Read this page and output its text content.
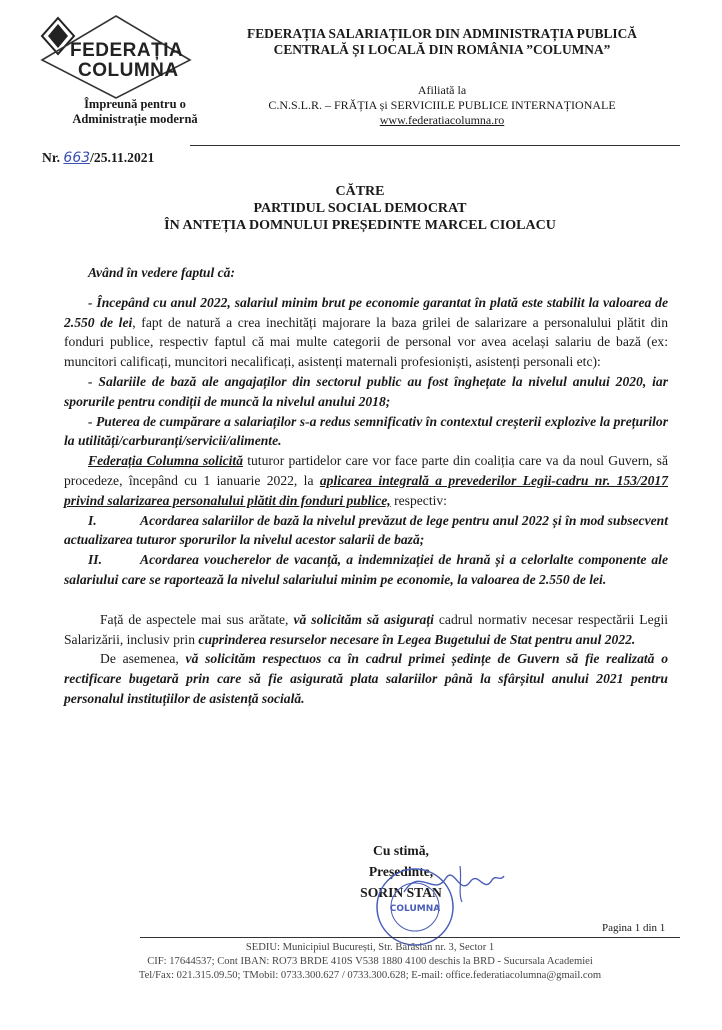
FEDERAȚIA
COLUMNA
Împreună pentru o Administrație modernă
FEDERAȚIA SALARIAȚILOR DIN ADMINISTRAȚIA PUBLICĂ
CENTRALĂ ȘI LOCALĂ DIN ROMÂNIA ”COLUMNA”
Afiliată la
C.N.S.L.R. – FRĂȚIA și SERVICIILE PUBLICE INTERNAȚIONALE
www.federatiacolumna.ro
Nr. 663/25.11.2021
CĂTRE
PARTIDUL SOCIAL DEMOCRAT
ÎN ANTEȚIA DOMNULUI PREȘEDINTE MARCEL CIOLACU

Având în vedere faptul că:

- Începând cu anul 2022, salariul minim brut pe economie garantat în plată este stabilit la valoarea de 2.550 de lei, fapt de natură a crea inechități majorare la baza grilei de salarizare a personalului plătit din fonduri publice, respectiv faptul că mai multe categorii de personal vor avea același salariu de bază (ex: muncitori calificați, muncitori necalificați, asistenți maternali profesioniști, asistenți personali etc):

- Salariile de bază ale angajaților din sectorul public au fost înghețate la nivelul anului 2020, iar sporurile pentru condiții de muncă la nivelul anului 2018;

- Puterea de cumpărare a salariaților s-a redus semnificativ în contextul creșterii explozive la prețurilor la utilități/carburanți/servicii/alimente.

Federația Columna solicită tuturor partidelor care vor face parte din coaliția care va da noul Guvern, să procedeze, începând cu 1 ianuarie 2022, la aplicarea integrală a prevederilor Legii-cadru nr. 153/2017 privind salarizarea personalului plătit din fonduri publice, respectiv:

I.	Acordarea salariilor de bază la nivelul prevăzut de lege pentru anul 2022 și în mod subsecvent actualizarea tuturor sporurilor la nivelul acestor salarii de bază;

II.	Acordarea voucherelor de vacanță, a indemnizației de hrană și a celorlalte componente ale salariului care se raportează la nivelul salariului minim pe economie, la valoarea de 2.550 de lei.

Față de aspectele mai sus arătate, vă solicităm să asigurați cadrul normativ necesar respectării Legii Salarizării, inclusiv prin cuprinderea resurselor necesare în Legea Bugetului de Stat pentru anul 2022.

De asemenea, vă solicităm respectuos ca în cadrul primei ședințe de Guvern să fie realizată o rectificare bugetară prin care să fie asigurată plata salariilor până la sfârșitul anului 2021 pentru personalul instituțiilor de asistență socială.

Cu stimă,
Președinte,
SORIN STAN
COLUMNA
Pagina 1 din 1
SEDIU: Municipiul București, Str. Bărăsian nr. 3, Sector 1
CIF: 17644537; Cont IBAN: RO73 BRDE 410S V538 1880 4100 deschis la BRD - Sucursala Academiei
Tel/Fax: 021.315.09.50; TMobil: 0733.300.627 / 0733.300.628; E-mail: office.federatiacolumna@gmail.com
